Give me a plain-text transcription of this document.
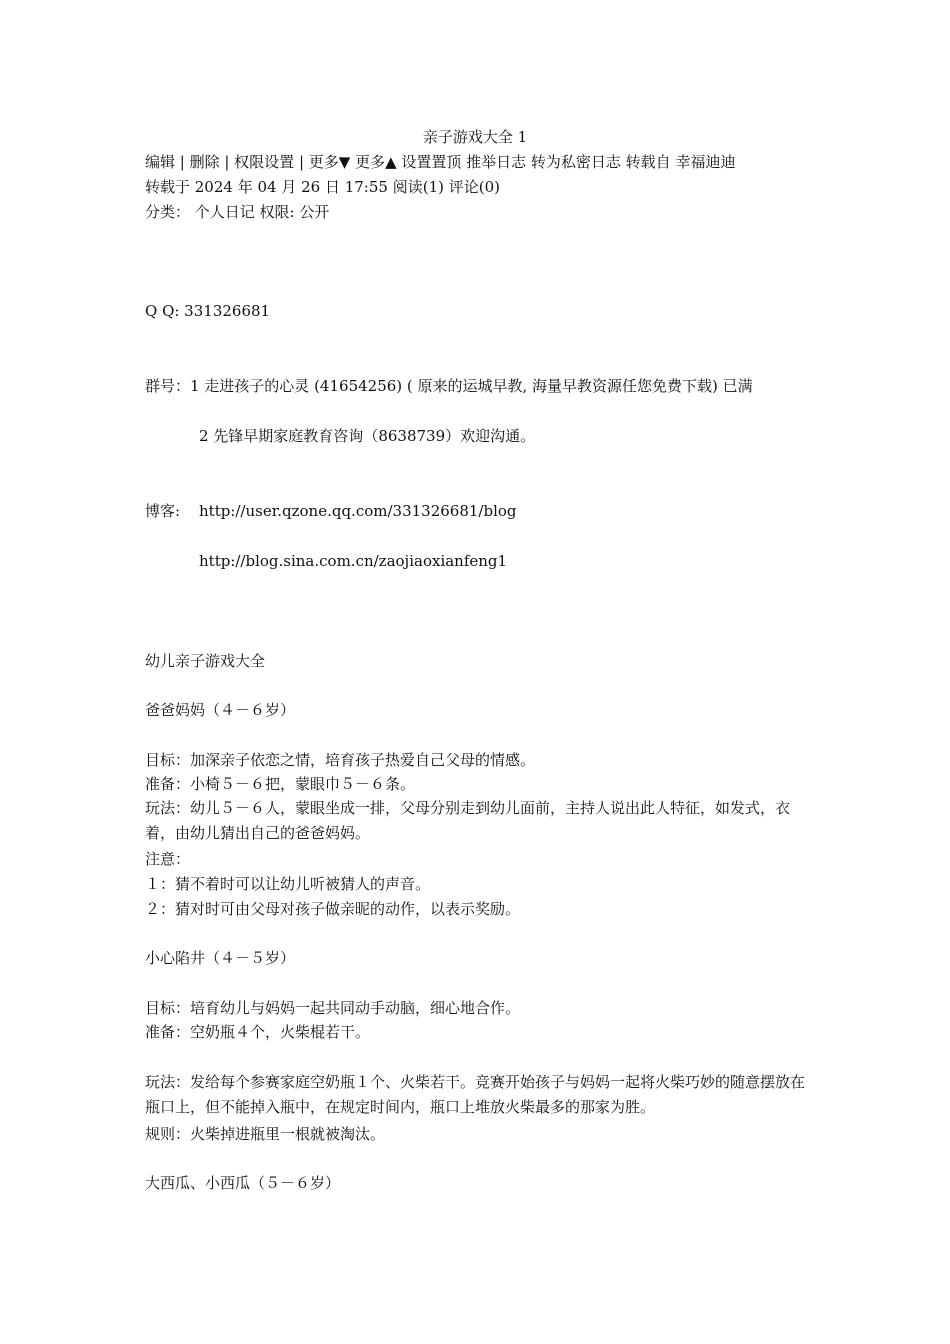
亲子游戏大全 1
编辑 | 删除 | 权限设置 | 更多▼ 更多▲ 设置置顶 推举日志 转为私密日志 转载自 幸福迪迪
转载于 2024 年 04 月 26 日 17:55 阅读(1) 评论(0)
分类： 个人日记 权限: 公开
Q Q: 331326681
群号：1 走进孩子的心灵 (41654256) ( 原来的运城早教, 海量早教资源任您免费下载) 已满
2 先锋早期家庭教育咨询（8638739）欢迎沟通。
博客: http://user.qzone.qq.com/331326681/blog
http://blog.sina.com.cn/zaojiaoxianfeng1
幼儿亲子游戏大全
爸爸妈妈（４－６岁）
目标：加深亲子依恋之情，培育孩子热爱自己父母的情感。
准备：小椅５－６把，蒙眼巾５－６条。
玩法：幼儿５－６人，蒙眼坐成一排，父母分别走到幼儿面前，主持人说出此人特征，如发式，衣着，由幼儿猜出自己的爸爸妈妈。
注意：
１：猜不着时可以让幼儿听被猜人的声音。
２：猜对时可由父母对孩子做亲昵的动作，以表示奖励。
小心陷井（４－５岁）
目标：培育幼儿与妈妈一起共同动手动脑，细心地合作。
准备：空奶瓶４个，火柴棍若干。
玩法：发给每个参赛家庭空奶瓶１个、火柴若干。竞赛开始孩子与妈妈一起将火柴巧妙的随意摆放在瓶口上，但不能掉入瓶中，在规定时间内，瓶口上堆放火柴最多的那家为胜。
规则：火柴掉进瓶里一根就被淘汰。
大西瓜、小西瓜（５－６岁）
